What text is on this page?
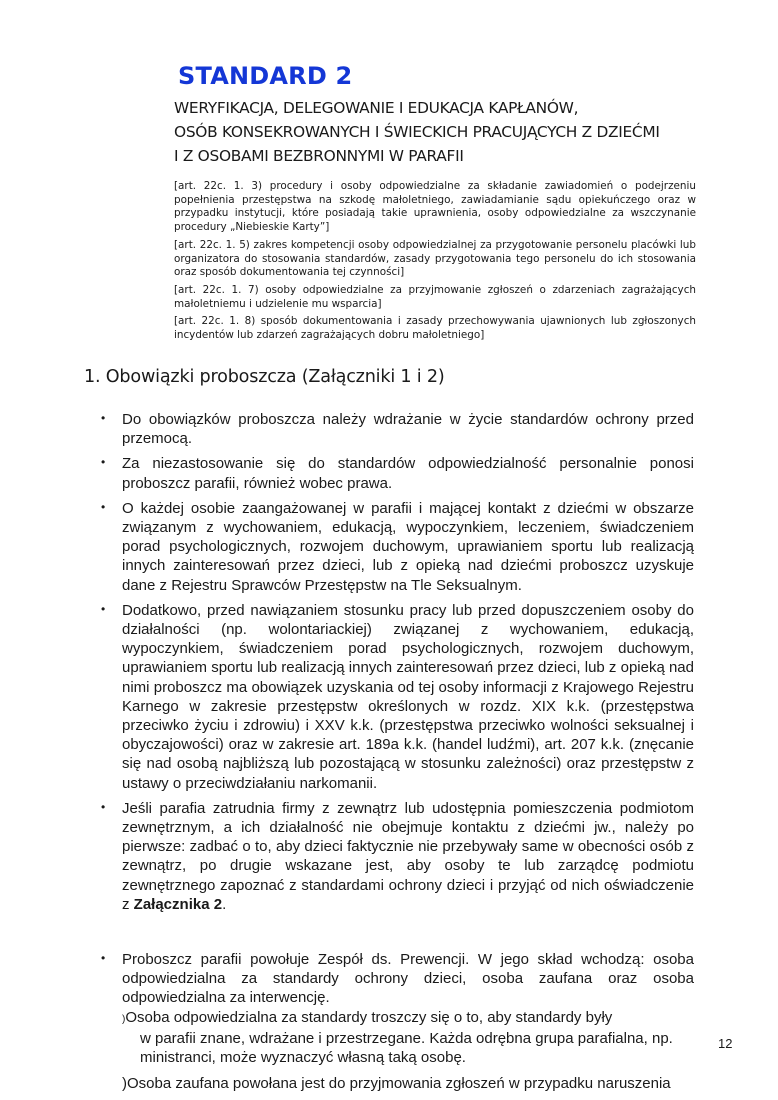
STANDARD 2
WERYFIKACJA, DELEGOWANIE I EDUKACJA KAPŁANÓW,
OSÓB KONSEKROWANYCH I ŚWIECKICH PRACUJĄCYCH Z DZIEĆMI
I Z OSOBAMI BEZBRONNYMI W PARAFII

[art. 22c. 1. 3) procedury i osoby odpowiedzialne za składanie zawiadomień o podejrzeniu popełnienia przestępstwa na szkodę małoletniego, zawiadamianie sądu opiekuńczego oraz w przypadku instytucji, które posiadają takie uprawnienia, osoby odpowiedzialne za wszczynanie procedury „Niebieskie Karty”]

[art. 22c. 1. 5) zakres kompetencji osoby odpowiedzialnej za przygotowanie personelu placówki lub organizatora do stosowania standardów, zasady przygotowania tego personelu do ich stosowania oraz sposób dokumentowania tej czynności]

[art. 22c. 1. 7) osoby odpowiedzialne za przyjmowanie zgłoszeń o zdarzeniach zagrażających małoletniemu i udzielenie mu wsparcia]

[art. 22c. 1. 8) sposób dokumentowania i zasady przechowywania ujawnionych lub zgłoszonych incydentów lub zdarzeń zagrażających dobru małoletniego]

1. Obowiązki proboszcza (Załączniki 1 i 2)
• Do obowiązków proboszcza należy wdrażanie w życie standardów ochrony przed przemocą.
• Za niezastosowanie się do standardów odpowiedzialność personalnie ponosi proboszcz parafii, również wobec prawa.
• O każdej osobie zaangażowanej w parafii i mającej kontakt z dziećmi w obszarze związanym z wychowaniem, edukacją, wypoczynkiem, leczeniem, świadczeniem porad psychologicznych, rozwojem duchowym, uprawianiem sportu lub realizacją innych zainteresowań przez dzieci, lub z opieką nad dziećmi proboszcz uzyskuje dane z Rejestru Sprawców Przestępstw na Tle Seksualnym.
• Dodatkowo, przed nawiązaniem stosunku pracy lub przed dopuszczeniem osoby do działalności (np. wolontariackiej) związanej z wychowaniem, edukacją, wypoczynkiem, świadczeniem porad psychologicznych, rozwojem duchowym, uprawianiem sportu lub realizacją innych zainteresowań przez dzieci, lub z opieką nad nimi proboszcz ma obowiązek uzyskania od tej osoby informacji z Krajowego Rejestru Karnego w zakresie przestępstw określonych w rozdz. XIX k.k. (przestępstwa przeciwko życiu i zdrowiu) i XXV k.k. (przestępstwa przeciwko wolności seksualnej i obyczajowości) oraz w zakresie art. 189a k.k. (handel ludźmi), art. 207 k.k. (znęcanie się nad osobą najbliższą lub pozostającą w stosunku zależności) oraz przestępstw z ustawy o przeciwdziałaniu narkomanii.
• Jeśli parafia zatrudnia firmy z zewnątrz lub udostępnia pomieszczenia podmiotom zewnętrznym, a ich działalność nie obejmuje kontaktu z dziećmi jw., należy po pierwsze: zadbać o to, aby dzieci faktycznie nie przebywały same w obecności osób z zewnątrz, po drugie wskazane jest, aby osoby te lub zarządcę podmiotu zewnętrznego zapoznać z standardami ochrony dzieci i przyjąć od nich oświadczenie z Załącznika 2.
• Proboszcz parafii powołuje Zespół ds. Prewencji. W jego skład wchodzą: osoba odpowiedzialna za standardy ochrony dzieci, osoba zaufana oraz osoba odpowiedzialna za interwencję.
)Osoba odpowiedzialna za standardy troszczy się o to, aby standardy były
w parafii znane, wdrażane i przestrzegane. Każda odrębna grupa parafialna, np. ministranci, może wyznaczyć własną taką osobę.
)Osoba zaufana powołana jest do przyjmowania zgłoszeń w przypadku naruszenia
12
